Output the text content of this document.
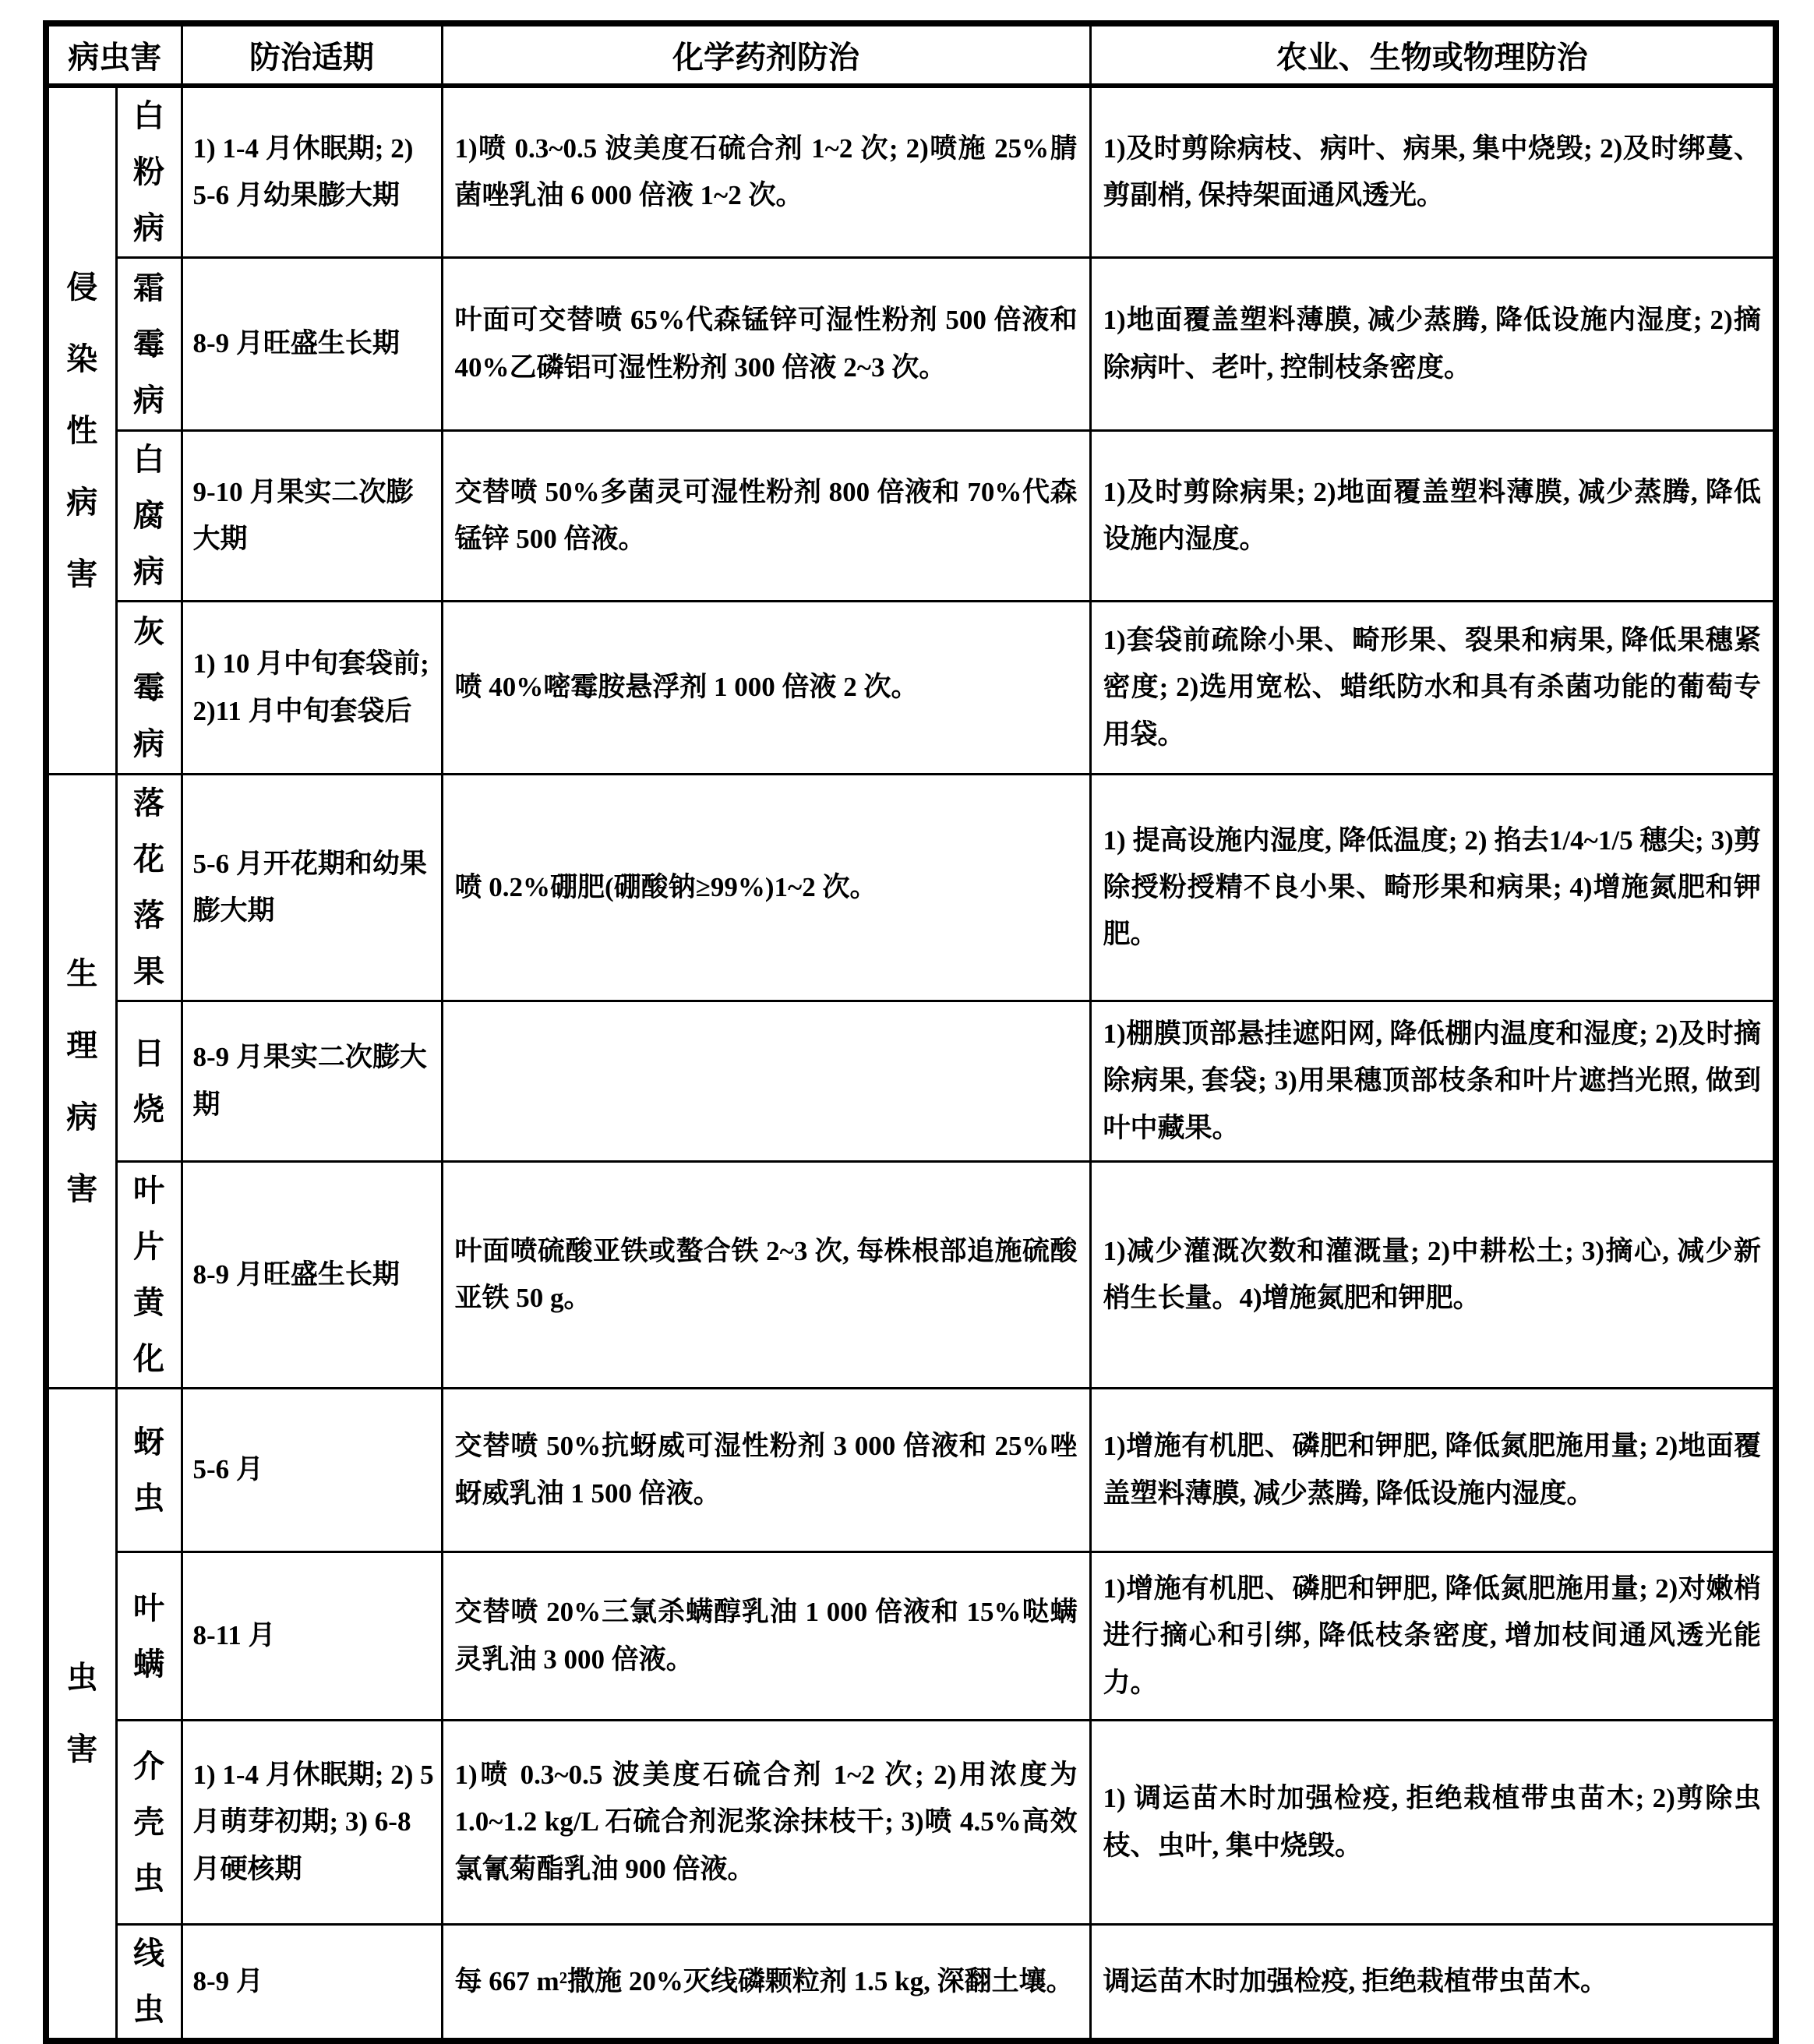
病虫害		防治适期	化学药剂防治	农业、生物或物理防治
侵染性病害	白粉病	1) 1-4 月休眠期; 2) 5-6 月幼果膨大期	1)喷 0.3~0.5 波美度石硫合剂 1~2 次; 2)喷施 25%腈菌唑乳油 6 000 倍液 1~2 次。	1)及时剪除病枝、病叶、病果, 集中烧毁; 2)及时绑蔓、剪副梢, 保持架面通风透光。
	霜霉病	8-9 月旺盛生长期	叶面可交替喷 65%代森锰锌可湿性粉剂 500 倍液和 40%乙磷铝可湿性粉剂 300 倍液 2~3 次。	1)地面覆盖塑料薄膜, 减少蒸腾, 降低设施内湿度; 2)摘除病叶、老叶, 控制枝条密度。
	白腐病	9-10 月果实二次膨大期	交替喷 50%多菌灵可湿性粉剂 800 倍液和 70%代森锰锌 500 倍液。	1)及时剪除病果; 2)地面覆盖塑料薄膜, 减少蒸腾, 降低设施内湿度。
	灰霉病	1) 10 月中旬套袋前; 2)11 月中旬套袋后	喷 40%嘧霉胺悬浮剂 1 000 倍液 2 次。	1)套袋前疏除小果、畸形果、裂果和病果, 降低果穗紧密度; 2)选用宽松、蜡纸防水和具有杀菌功能的葡萄专用袋。
生理病害	落花落果	5-6 月开花期和幼果膨大期	喷 0.2%硼肥(硼酸钠≥99%)1~2 次。	1) 提高设施内湿度, 降低温度; 2) 掐去1/4~1/5 穗尖; 3)剪除授粉授精不良小果、畸形果和病果; 4)增施氮肥和钾肥。
	日烧	8-9 月果实二次膨大期		1)棚膜顶部悬挂遮阳网, 降低棚内温度和湿度; 2)及时摘除病果, 套袋; 3)用果穗顶部枝条和叶片遮挡光照, 做到叶中藏果。
	叶片黄化	8-9 月旺盛生长期	叶面喷硫酸亚铁或螯合铁 2~3 次, 每株根部追施硫酸亚铁 50 g。	1)减少灌溉次数和灌溉量; 2)中耕松土; 3)摘心, 减少新梢生长量。4)增施氮肥和钾肥。
虫害	蚜虫	5-6 月	交替喷 50%抗蚜威可湿性粉剂 3 000 倍液和 25%唑蚜威乳油 1 500 倍液。	1)增施有机肥、磷肥和钾肥, 降低氮肥施用量; 2)地面覆盖塑料薄膜, 减少蒸腾, 降低设施内湿度。
	叶螨	8-11 月	交替喷 20%三氯杀螨醇乳油 1 000 倍液和 15%哒螨灵乳油 3 000 倍液。	1)增施有机肥、磷肥和钾肥, 降低氮肥施用量; 2)对嫩梢进行摘心和引绑, 降低枝条密度, 增加枝间通风透光能力。
	介壳虫	1) 1-4 月休眠期; 2) 5 月萌芽初期; 3) 6-8 月硬核期	1)喷 0.3~0.5 波美度石硫合剂 1~2 次; 2)用浓度为 1.0~1.2 kg/L 石硫合剂泥浆涂抹枝干; 3)喷 4.5%高效氯氰菊酯乳油 900 倍液。	1) 调运苗木时加强检疫, 拒绝栽植带虫苗木; 2)剪除虫枝、虫叶, 集中烧毁。
	线虫	8-9 月	每 667 m²撒施 20%灭线磷颗粒剂 1.5 kg, 深翻土壤。	调运苗木时加强检疫, 拒绝栽植带虫苗木。
